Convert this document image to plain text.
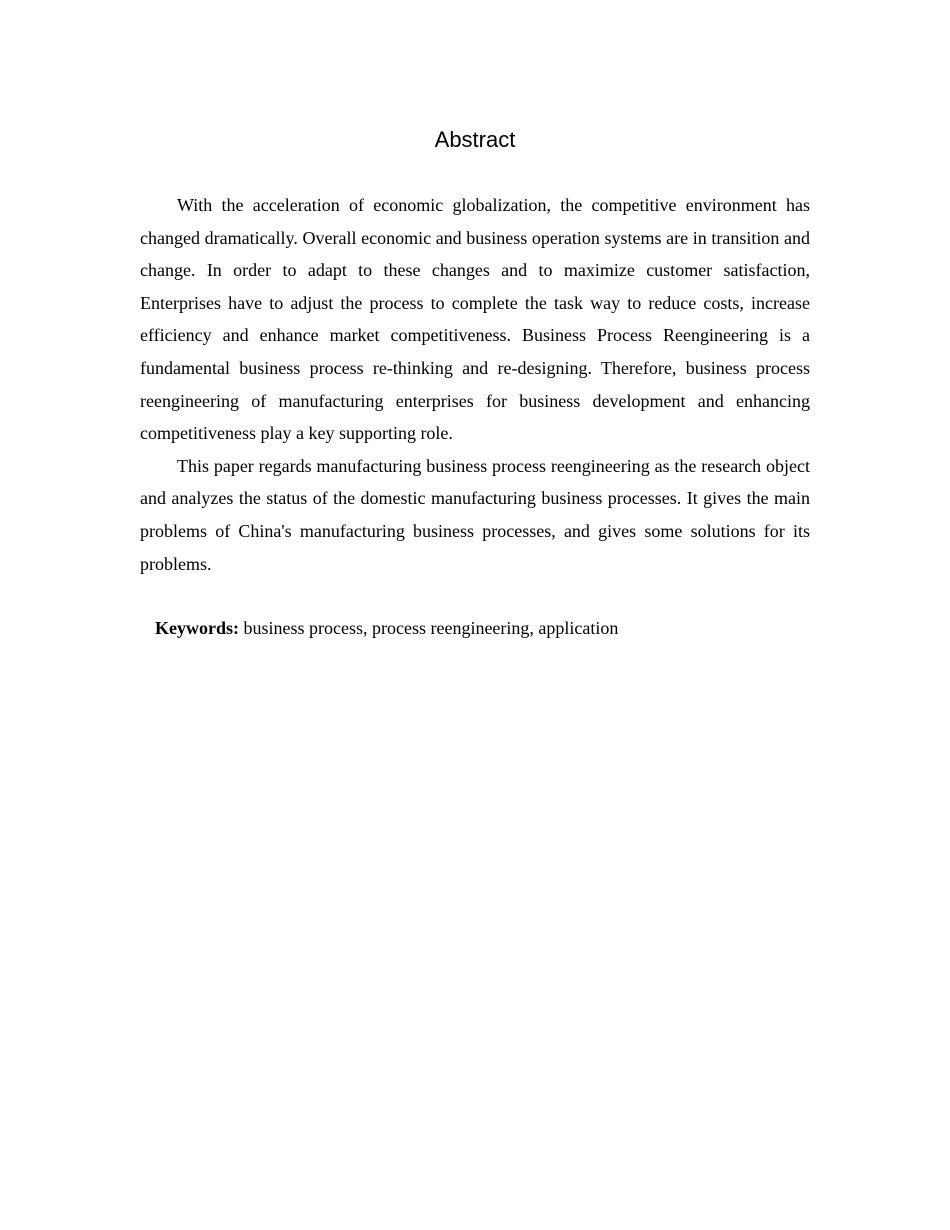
Abstract

With the acceleration of economic globalization, the competitive environment has changed dramatically. Overall economic and business operation systems are in transition and change. In order to adapt to these changes and to maximize customer satisfaction, Enterprises have to adjust the process to complete the task way to reduce costs, increase efficiency and enhance market competitiveness. Business Process Reengineering is a fundamental business process re-thinking and re-designing. Therefore, business process reengineering of manufacturing enterprises for business development and enhancing competitiveness play a key supporting role.

This paper regards manufacturing business process reengineering as the research object and analyzes the status of the domestic manufacturing business processes. It gives the main problems of China's manufacturing business processes, and gives some solutions for its problems.

Keywords: business process, process reengineering, application
